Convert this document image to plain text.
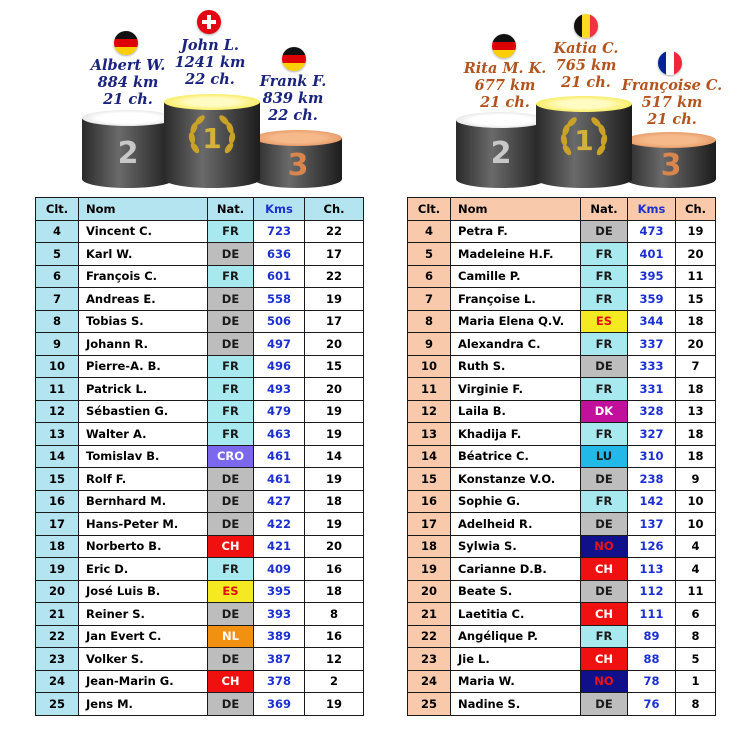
Albert W.
884 km
21 ch.
John L.
1241 km
22 ch.	Frank F.
839 km
22 ch.
2	3
1
Rita M. K.
677 km
21 ch.
Katia C.
765 km
21 ch. Françoise C.
517 km
21 ch.
2	3
1
Clt.	Nom	Nat.	Kms	Ch.
4	Vincent C.	FR	723	22
5	Karl W.	DE	636	17
6	François C.	FR	601	22
7	Andreas E.	DE	558	19
8	Tobias S.	DE	506	17
9	Johann R.	DE	497	20
10	Pierre-A. B.	FR	496	15
11	Patrick L.	FR	493	20
12	Sébastien G.	FR	479	19
13	Walter A.	FR	463	19
14	Tomislav B.	CRO	461	14
15	Rolf F.	DE	461	19
16	Bernhard M.	DE	427	18
17	Hans-Peter M.	DE	422	19
18	Norberto B.	CH	421	20
19	Eric D.	FR	409	16
20	José Luis B.	ES	395	18
21	Reiner S.	DE	393	8
22	Jan Evert C.	NL	389	16
23	Volker S.	DE	387	12
24	Jean-Marin G.	CH	378	2
25	Jens M.	DE	369	19
Clt.	Nom	Nat.	Kms	Ch.
4	Petra F.	DE	473	19
5	Madeleine H.F.	FR	401	20
6	Camille P.	FR	395	11
7	Françoise L.	FR	359	15
8	Maria Elena Q.V.	ES	344	18
9	Alexandra C.	FR	337	20
10	Ruth S.	DE	333	7
11	Virginie F.	FR	331	18
12	Laila B.	DK	328	13
13	Khadija F.	FR	327	18
14	Béatrice C.	LU	310	18
15	Konstanze V.O.	DE	238	9
16	Sophie G.	FR	142	10
17	Adelheid R.	DE	137	10
18	Sylwia S.	NO	126	4
19	Carianne D.B.	CH	113	4
20	Beate S.	DE	112	11
21	Laetitia C.	CH	111	6
22	Angélique P.	FR	89	8
23	Jie L.	CH	88	5
24	Maria W.	NO	78	1
25	Nadine S.	DE	76	8
